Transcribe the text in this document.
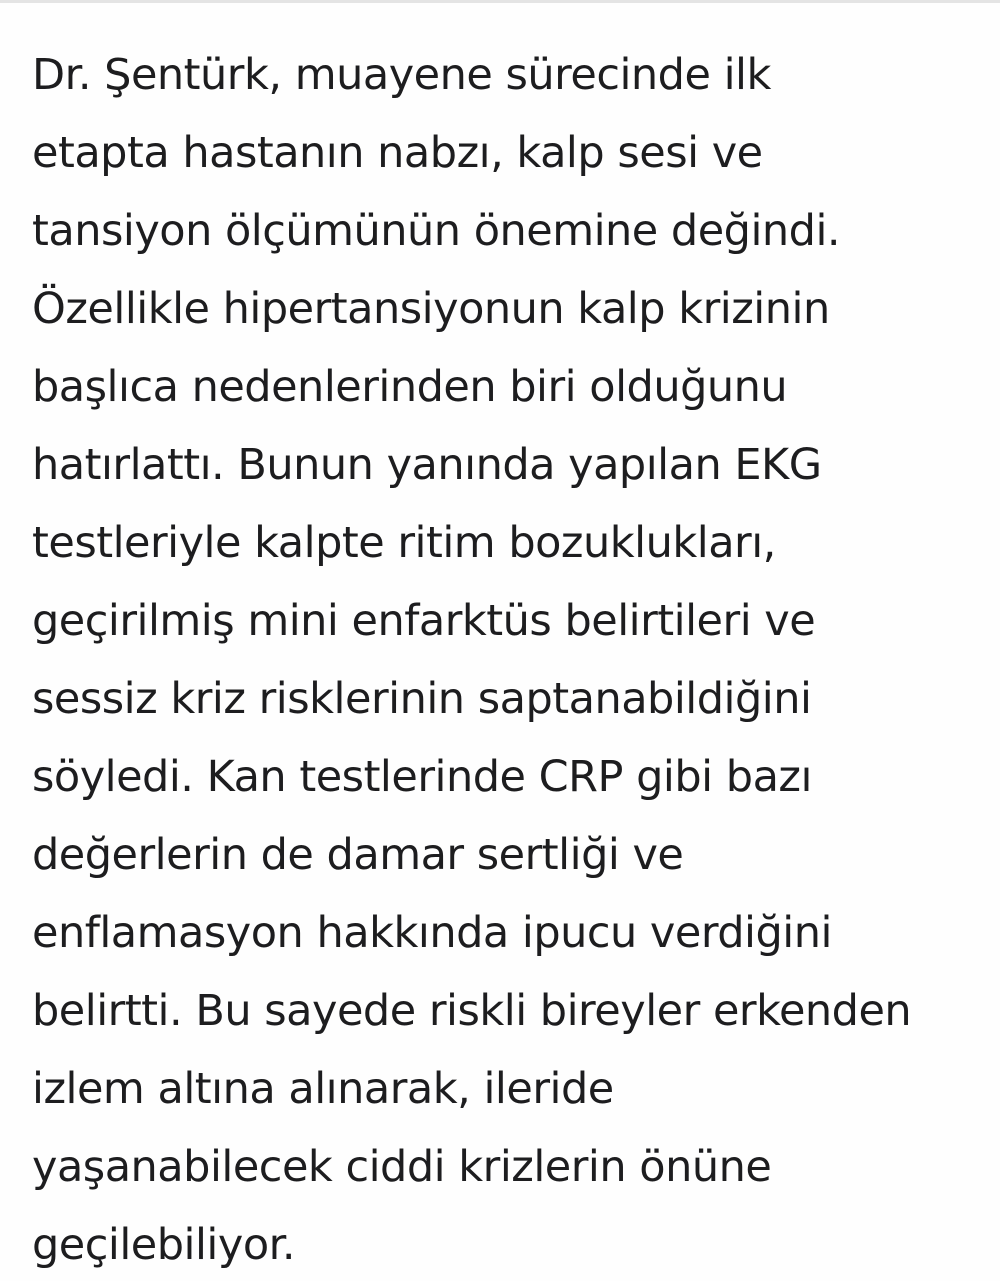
Dr. Şentürk, muayene sürecinde ilk
etapta hastanın nabzı, kalp sesi ve
tansiyon ölçümünün önemine değindi.
Özellikle hipertansiyonun kalp krizinin
başlıca nedenlerinden biri olduğunu
hatırlattı. Bunun yanında yapılan EKG
testleriyle kalpte ritim bozuklukları,
geçirilmiş mini enfarktüs belirtileri ve
sessiz kriz risklerinin saptanabildiğini
söyledi. Kan testlerinde CRP gibi bazı
değerlerin de damar sertliği ve
enflamasyon hakkında ipucu verdiğini
belirtti. Bu sayede riskli bireyler erkenden
izlem altına alınarak, ileride
yaşanabilecek ciddi krizlerin önüne
geçilebiliyor.
